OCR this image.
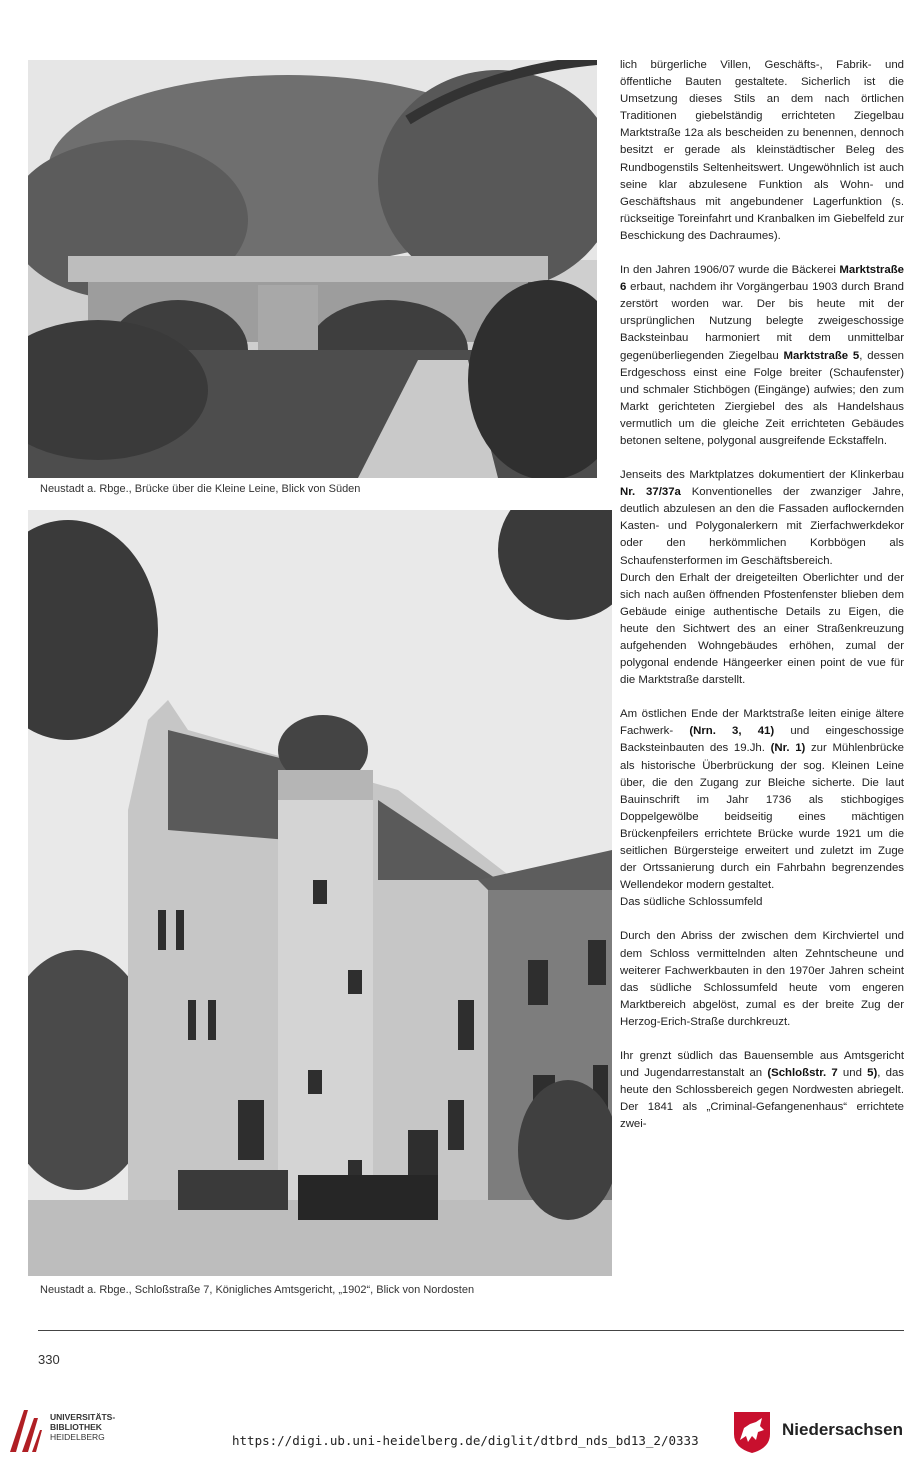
Neustadt a. Rbge., Brücke über die Kleine Leine, Blick von Süden
Neustadt a. Rbge., Schloßstraße 7, Königliches Amtsgericht, „1902“, Blick von Nordosten

lich bürgerliche Villen, Geschäfts-, Fabrik- und öffentliche Bauten gestaltete. Sicherlich ist die Umsetzung dieses Stils an dem nach örtlichen Traditionen giebelständig errichteten Ziegelbau Marktstraße 12a als bescheiden zu benennen, dennoch besitzt er gerade als kleinstädtischer Beleg des Rundbogenstils Seltenheitswert. Ungewöhnlich ist auch seine klar abzulesene Funktion als Wohn- und Geschäftshaus mit angebundener Lagerfunktion (s. rückseitige Toreinfahrt und Kranbalken im Giebelfeld zur Beschickung des Dachraumes).

In den Jahren 1906/07 wurde die Bäckerei Marktstraße 6 erbaut, nachdem ihr Vorgängerbau 1903 durch Brand zerstört worden war. Der bis heute mit der ursprünglichen Nutzung belegte zweigeschossige Backsteinbau harmoniert mit dem unmittelbar gegenüberliegenden Ziegelbau Marktstraße 5, dessen Erdgeschoss einst eine Folge breiter (Schaufenster) und schmaler Stichbögen (Eingänge) aufwies; den zum Markt gerichteten Ziergiebel des als Handelshaus vermutlich um die gleiche Zeit errichteten Gebäudes betonen seltene, polygonal ausgreifende Eckstaffeln.

Jenseits des Marktplatzes dokumentiert der Klinkerbau Nr. 37/37a Konventionelles der zwanziger Jahre, deutlich abzulesen an den die Fassaden auflockernden Kasten- und Polygonalerkern mit Zierfachwerkdekor oder den herkömmlichen Korbbögen als Schaufensterformen im Geschäftsbereich.

Durch den Erhalt der dreigeteilten Oberlichter und der sich nach außen öffnenden Pfostenfenster blieben dem Gebäude einige authentische Details zu Eigen, die heute den Sichtwert des an einer Straßenkreuzung aufgehenden Wohngebäudes erhöhen, zumal der polygonal endende Hängeerker einen point de vue für die Marktstraße darstellt.

Am östlichen Ende der Marktstraße leiten einige ältere Fachwerk- (Nrn. 3, 41) und eingeschossige Backsteinbauten des 19.Jh. (Nr. 1) zur Mühlenbrücke als historische Überbrückung der sog. Kleinen Leine über, die den Zugang zur Bleiche sicherte. Die laut Bauinschrift im Jahr 1736 als stichbogiges Doppelgewölbe beidseitig eines mächtigen Brückenpfeilers errichtete Brücke wurde 1921 um die seitlichen Bürgersteige erweitert und zuletzt im Zuge der Ortssanierung durch ein Fahrbahn begrenzendes Wellendekor modern gestaltet.

Das südliche Schlossumfeld

Durch den Abriss der zwischen dem Kirchviertel und dem Schloss vermittelnden alten Zehntscheune und weiterer Fachwerkbauten in den 1970er Jahren scheint das südliche Schlossumfeld heute vom engeren Marktbereich abgelöst, zumal es der breite Zug der Herzog-Erich-Straße durchkreuzt.

Ihr grenzt südlich das Bauensemble aus Amtsgericht und Jugendarrestanstalt an (Schloßstr. 7 und 5), das heute den Schlossbereich gegen Nordwesten abriegelt. Der 1841 als „Criminal-Gefangenenhaus“ errichtete zwei-

330
UNIVERSITÄTS-
BIBLIOTHEK
HEIDELBERG	https://digi.ub.uni-heidelberg.de/diglit/dtbrd_nds_bd13_2/0333
Niedersachsen
